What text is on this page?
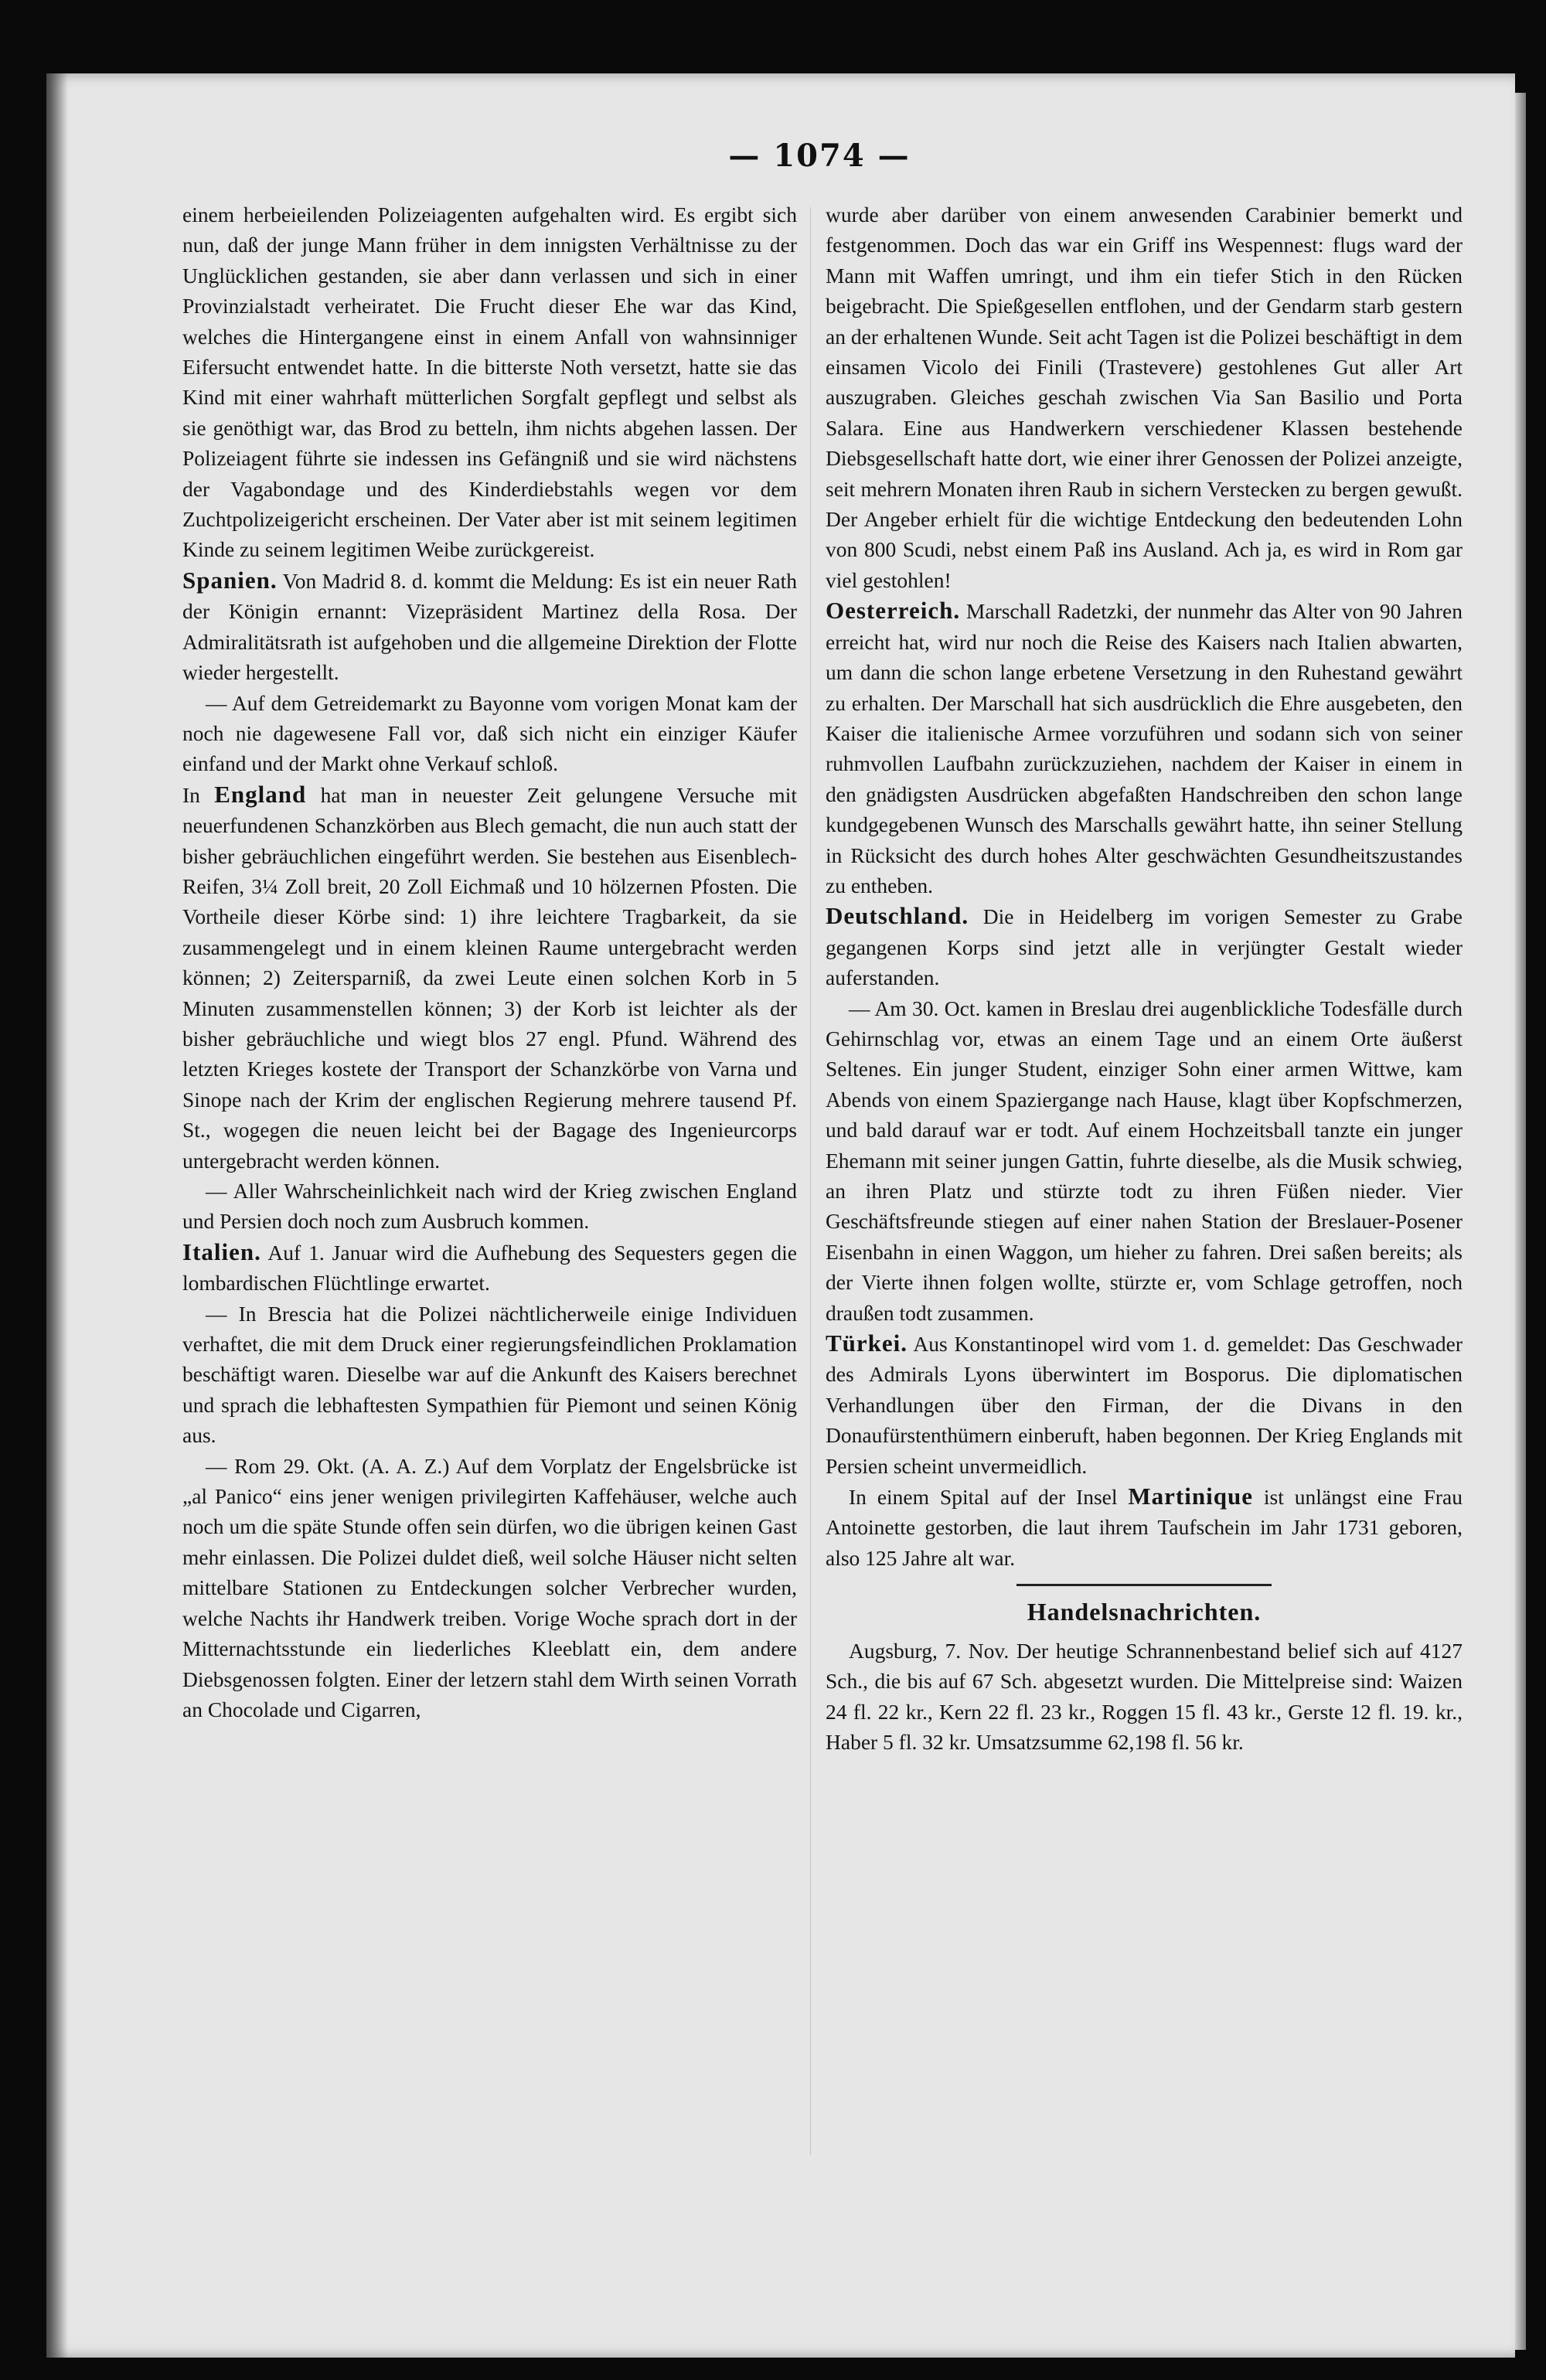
— 1074 —

einem herbeieilenden Polizeiagenten aufgehalten wird. Es ergibt sich nun, daß der junge Mann früher in dem innigsten Verhältnisse zu der Unglücklichen gestanden, sie aber dann verlassen und sich in einer Provinzialstadt verheiratet. Die Frucht dieser Ehe war das Kind, welches die Hintergangene einst in einem Anfall von wahnsinniger Eifersucht entwendet hatte. In die bitterste Noth versetzt, hatte sie das Kind mit einer wahrhaft mütterlichen Sorgfalt gepflegt und selbst als sie genöthigt war, das Brod zu betteln, ihm nichts abgehen lassen. Der Polizeiagent führte sie indessen ins Gefängniß und sie wird nächstens der Vagabondage und des Kinderdiebstahls wegen vor dem Zuchtpolizeigericht erscheinen. Der Vater aber ist mit seinem legitimen Kinde zu seinem legitimen Weibe zurückgereist.

Spanien. Von Madrid 8. d. kommt die Meldung: Es ist ein neuer Rath der Königin ernannt: Vizepräsident Martinez della Rosa. Der Admiralitätsrath ist aufgehoben und die allgemeine Direktion der Flotte wieder hergestellt.

— Auf dem Getreidemarkt zu Bayonne vom vorigen Monat kam der noch nie dagewesene Fall vor, daß sich nicht ein einziger Käufer einfand und der Markt ohne Verkauf schloß.

In England hat man in neuester Zeit gelungene Versuche mit neuerfundenen Schanzkörben aus Blech gemacht, die nun auch statt der bisher gebräuchlichen eingeführt werden. Sie bestehen aus Eisenblech-Reifen, 3¼ Zoll breit, 20 Zoll Eichmaß und 10 hölzernen Pfosten. Die Vortheile dieser Körbe sind: 1) ihre leichtere Tragbarkeit, da sie zusammengelegt und in einem kleinen Raume untergebracht werden können; 2) Zeitersparniß, da zwei Leute einen solchen Korb in 5 Minuten zusammenstellen können; 3) der Korb ist leichter als der bisher gebräuchliche und wiegt blos 27 engl. Pfund. Während des letzten Krieges kostete der Transport der Schanzkörbe von Varna und Sinope nach der Krim der englischen Regierung mehrere tausend Pf. St., wogegen die neuen leicht bei der Bagage des Ingenieurcorps untergebracht werden können.

— Aller Wahrscheinlichkeit nach wird der Krieg zwischen England und Persien doch noch zum Ausbruch kommen.

Italien. Auf 1. Januar wird die Aufhebung des Sequesters gegen die lombardischen Flüchtlinge erwartet.

— In Brescia hat die Polizei nächtlicherweile einige Individuen verhaftet, die mit dem Druck einer regierungsfeindlichen Proklamation beschäftigt waren. Dieselbe war auf die Ankunft des Kaisers berechnet und sprach die lebhaftesten Sympathien für Piemont und seinen König aus.

— Rom 29. Okt. (A. A. Z.) Auf dem Vorplatz der Engelsbrücke ist „al Panico“ eins jener wenigen privilegirten Kaffehäuser, welche auch noch um die späte Stunde offen sein dürfen, wo die übrigen keinen Gast mehr einlassen. Die Polizei duldet dieß, weil solche Häuser nicht selten mittelbare Stationen zu Entdeckungen solcher Verbrecher wurden, welche Nachts ihr Handwerk treiben. Vorige Woche sprach dort in der Mitternachtsstunde ein liederliches Kleeblatt ein, dem andere Diebsgenossen folgten. Einer der letzern stahl dem Wirth seinen Vorrath an Chocolade und Cigarren,

wurde aber darüber von einem anwesenden Carabinier bemerkt und festgenommen. Doch das war ein Griff ins Wespennest: flugs ward der Mann mit Waffen umringt, und ihm ein tiefer Stich in den Rücken beigebracht. Die Spießgesellen entflohen, und der Gendarm starb gestern an der erhaltenen Wunde. Seit acht Tagen ist die Polizei beschäftigt in dem einsamen Vicolo dei Finili (Trastevere) gestohlenes Gut aller Art auszugraben. Gleiches geschah zwischen Via San Basilio und Porta Salara. Eine aus Handwerkern verschiedener Klassen bestehende Diebsgesellschaft hatte dort, wie einer ihrer Genossen der Polizei anzeigte, seit mehrern Monaten ihren Raub in sichern Verstecken zu bergen gewußt. Der Angeber erhielt für die wichtige Entdeckung den bedeutenden Lohn von 800 Scudi, nebst einem Paß ins Ausland. Ach ja, es wird in Rom gar viel gestohlen!

Oesterreich. Marschall Radetzki, der nunmehr das Alter von 90 Jahren erreicht hat, wird nur noch die Reise des Kaisers nach Italien abwarten, um dann die schon lange erbetene Versetzung in den Ruhestand gewährt zu erhalten. Der Marschall hat sich ausdrücklich die Ehre ausgebeten, den Kaiser die italienische Armee vorzuführen und sodann sich von seiner ruhmvollen Laufbahn zurückzuziehen, nachdem der Kaiser in einem in den gnädigsten Ausdrücken abgefaßten Handschreiben den schon lange kundgegebenen Wunsch des Marschalls gewährt hatte, ihn seiner Stellung in Rücksicht des durch hohes Alter geschwächten Gesundheitszustandes zu entheben.

Deutschland. Die in Heidelberg im vorigen Semester zu Grabe gegangenen Korps sind jetzt alle in verjüngter Gestalt wieder auferstanden.

— Am 30. Oct. kamen in Breslau drei augenblickliche Todesfälle durch Gehirnschlag vor, etwas an einem Tage und an einem Orte äußerst Seltenes. Ein junger Student, einziger Sohn einer armen Wittwe, kam Abends von einem Spaziergange nach Hause, klagt über Kopfschmerzen, und bald darauf war er todt. Auf einem Hochzeitsball tanzte ein junger Ehemann mit seiner jungen Gattin, fuhrte dieselbe, als die Musik schwieg, an ihren Platz und stürzte todt zu ihren Füßen nieder. Vier Geschäftsfreunde stiegen auf einer nahen Station der Breslauer-Posener Eisenbahn in einen Waggon, um hieher zu fahren. Drei saßen bereits; als der Vierte ihnen folgen wollte, stürzte er, vom Schlage getroffen, noch draußen todt zusammen.

Türkei. Aus Konstantinopel wird vom 1. d. gemeldet: Das Geschwader des Admirals Lyons überwintert im Bosporus. Die diplomatischen Verhandlungen über den Firman, der die Divans in den Donaufürstenthümern einberuft, haben begonnen. Der Krieg Englands mit Persien scheint unvermeidlich.

In einem Spital auf der Insel Martinique ist unlängst eine Frau Antoinette gestorben, die laut ihrem Taufschein im Jahr 1731 geboren, also 125 Jahre alt war.

Handelsnachrichten.

Augsburg, 7. Nov. Der heutige Schrannenbestand belief sich auf 4127 Sch., die bis auf 67 Sch. abgesetzt wurden. Die Mittelpreise sind: Waizen 24 fl. 22 kr., Kern 22 fl. 23 kr., Roggen 15 fl. 43 kr., Gerste 12 fl. 19. kr., Haber 5 fl. 32 kr. Umsatzsumme 62,198 fl. 56 kr.
